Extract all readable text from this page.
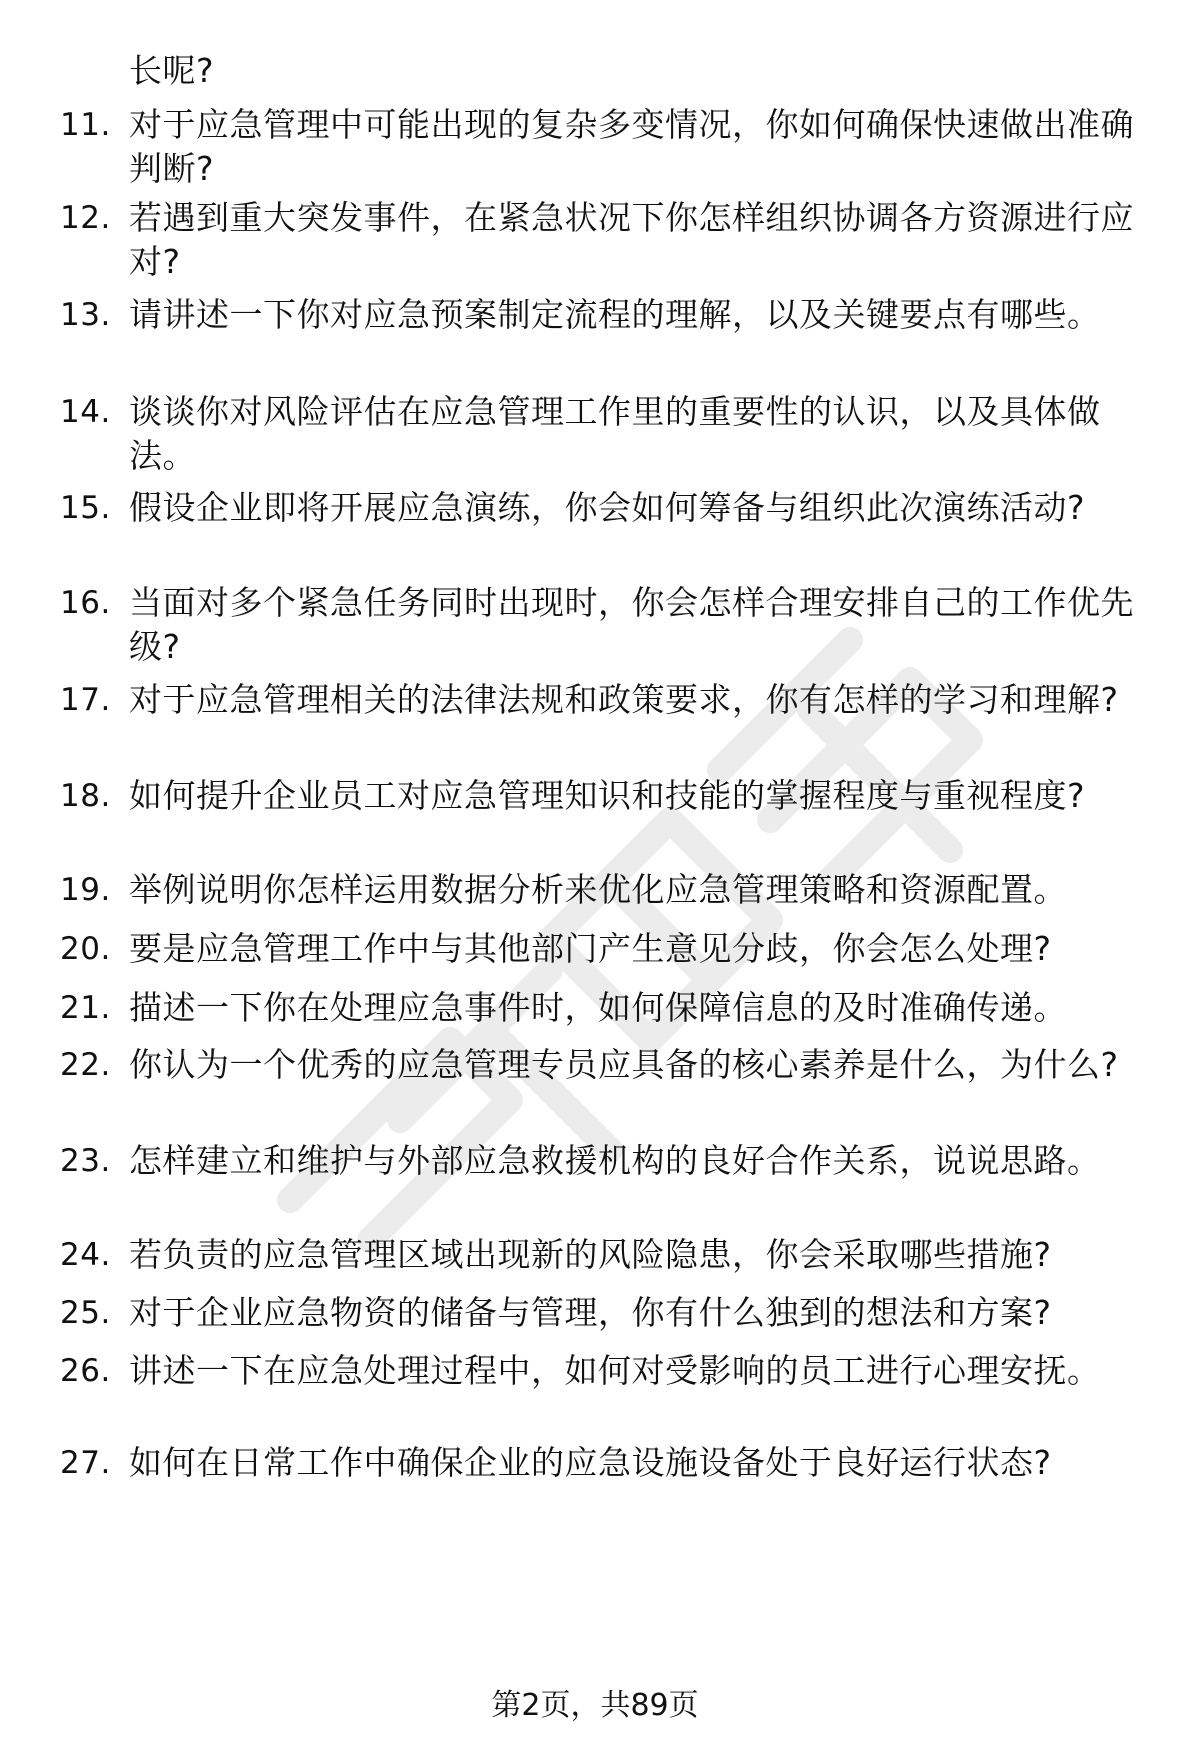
长呢?
11. 对于应急管理中可能出现的复杂多变情况，你如何确保快速做出准确判断?
12. 若遇到重大突发事件，在紧急状况下你怎样组织协调各方资源进行应对?
13. 请讲述一下你对应急预案制定流程的理解，以及关键要点有哪些。
14. 谈谈你对风险评估在应急管理工作里的重要性的认识，以及具体做法。
15. 假设企业即将开展应急演练，你会如何筹备与组织此次演练活动?
16. 当面对多个紧急任务同时出现时，你会怎样合理安排自己的工作优先级?
17. 对于应急管理相关的法律法规和政策要求，你有怎样的学习和理解?
18. 如何提升企业员工对应急管理知识和技能的掌握程度与重视程度?
19. 举例说明你怎样运用数据分析来优化应急管理策略和资源配置。
20. 要是应急管理工作中与其他部门产生意见分歧，你会怎么处理?
21. 描述一下你在处理应急事件时，如何保障信息的及时准确传递。
22. 你认为一个优秀的应急管理专员应具备的核心素养是什么，为什么?
23. 怎样建立和维护与外部应急救援机构的良好合作关系，说说思路。
24. 若负责的应急管理区域出现新的风险隐患，你会采取哪些措施?
25. 对于企业应急物资的储备与管理，你有什么独到的想法和方案?
26. 讲述一下在应急处理过程中，如何对受影响的员工进行心理安抚。
27. 如何在日常工作中确保企业的应急设施设备处于良好运行状态?
第2页，共89页
